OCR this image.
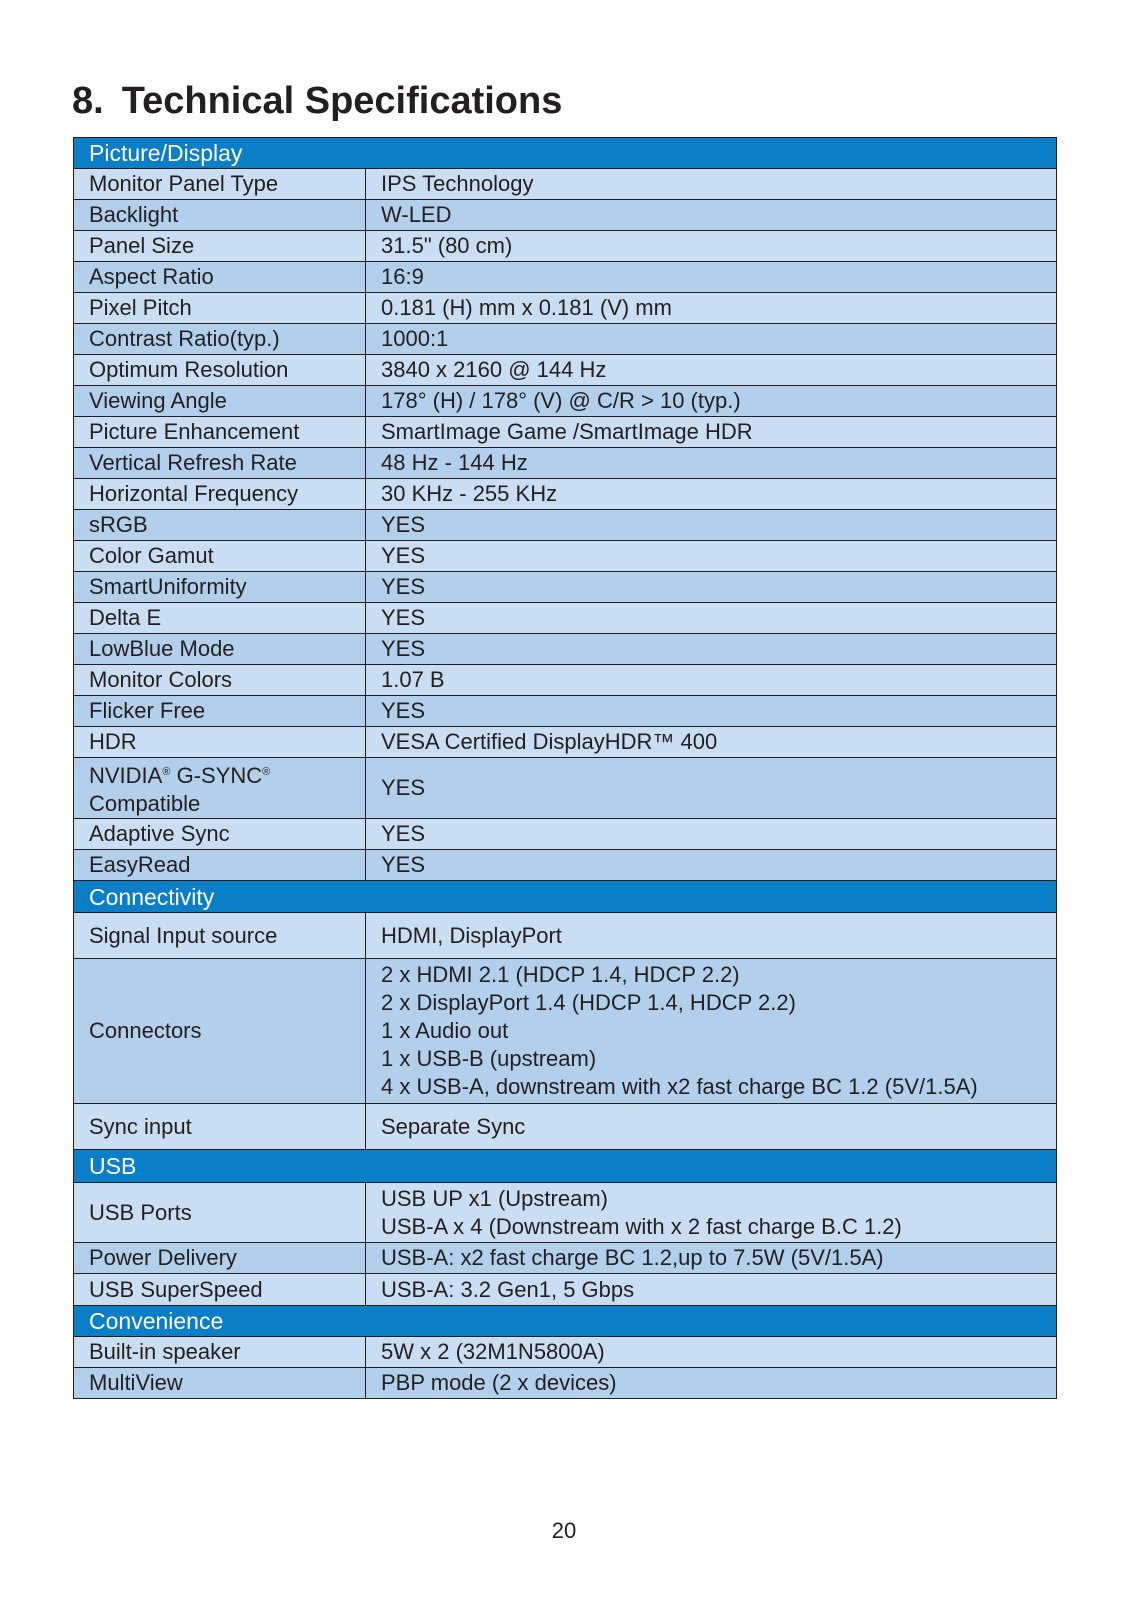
8. Technical Specifications
Picture/Display	
Monitor Panel Type	IPS Technology

Backlight	W-LED

Panel Size	31.5" (80 cm)

Aspect Ratio	16:9

Pixel Pitch	0.181 (H) mm x 0.181 (V) mm

Contrast Ratio(typ.)	1000:1

Optimum Resolution	3840 x 2160 @ 144 Hz

Viewing Angle	178° (H) / 178° (V) @ C/R > 10 (typ.)

Picture Enhancement	SmartImage Game /SmartImage HDR

Vertical Refresh Rate	48 Hz - 144 Hz

Horizontal Frequency	30 KHz - 255 KHz

sRGB	YES

Color Gamut	YES

SmartUniformity	YES

Delta E	YES

LowBlue Mode	YES

Monitor Colors	1.07 B

Flicker Free	YES

HDR	VESA Certified DisplayHDR™ 400

NVIDIA® G-SYNC®
Compatible	YES

Adaptive Sync	YES

EasyRead	YES

Connectivity	
Signal Input source	HDMI, DisplayPort

Connectors	2 x HDMI 2.1 (HDCP 1.4, HDCP 2.2)
2 x DisplayPort 1.4 (HDCP 1.4, HDCP 2.2)
1 x Audio out
1 x USB-B (upstream)
4 x USB-A, downstream with x2 fast charge BC 1.2 (5V/1.5A)

Sync input	Separate Sync

USB	
USB Ports	USB UP x1 (Upstream)
USB-A x 4 (Downstream with x 2 fast charge B.C 1.2)

Power Delivery	USB-A: x2 fast charge BC 1.2,up to 7.5W (5V/1.5A)

USB SuperSpeed	USB-A: 3.2 Gen1, 5 Gbps

Convenience	
Built-in speaker	5W x 2 (32M1N5800A)

MultiView	PBP mode (2 x devices)
20
